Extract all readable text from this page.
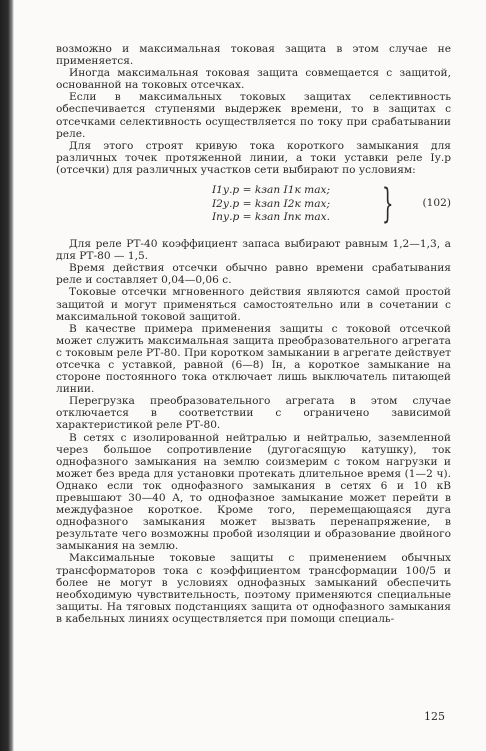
возможно и максимальная токовая защита в этом случае не применяется.

Иногда максимальная токовая защита совмещается с защитой, основанной на токовых отсечках.

Если в максимальных токовых защитах селективность обеспечивается ступенями выдержек времени, то в защитах с отсечками селективность осуществляется по току при срабатывании реле.

Для этого строят кривую тока короткого замыкания для различных точек протяженной линии, а токи уставки реле Iу.р (отсечки) для различных участков сети выбирают по условиям:

I1у.р = kзап I1к max;
I2у.р = kзап I2к max;
Iпу.р = kзап Iпк max. }	(102)

Для реле РТ-40 коэффициент запаса выбирают равным 1,2—1,3, а для РТ-80 — 1,5.

Время действия отсечки обычно равно времени срабатывания реле и составляет 0,04—0,06 с.

Токовые отсечки мгновенного действия являются самой простой защитой и могут применяться самостоятельно или в сочетании с максимальной токовой защитой.

В качестве примера применения защиты с токовой отсечкой может служить максимальная защита преобразовательного агрегата с токовым реле РТ-80. При коротком замыкании в агрегате действует отсечка с уставкой, равной (6—8) Iн, а короткое замыкание на стороне постоянного тока отключает лишь выключатель питающей линии.

Перегрузка преобразовательного агрегата в этом случае отключается в соответствии с ограничено зависимой характеристикой реле РТ-80.

В сетях с изолированной нейтралью и нейтралью, заземленной через большое сопротивление (дугогасящую катушку), ток однофазного замыкания на землю соизмерим с током нагрузки и может без вреда для установки протекать длительное время (1—2 ч). Однако если ток однофазного замыкания в сетях 6 и 10 кВ превышают 30—40 А, то однофазное замыкание может перейти в междуфазное короткое. Кроме того, перемещающаяся дуга однофазного замыкания может вызвать перенапряжение, в результате чего возможны пробой изоляции и образование двойного замыкания на землю.

Максимальные токовые защиты с применением обычных трансформаторов тока с коэффициентом трансформации 100/5 и более не могут в условиях однофазных замыканий обеспечить необходимую чувствительность, поэтому применяются специальные защиты. На тяговых подстанциях защита от однофазного замыкания в кабельных линиях осуществляется при помощи специаль-

125
